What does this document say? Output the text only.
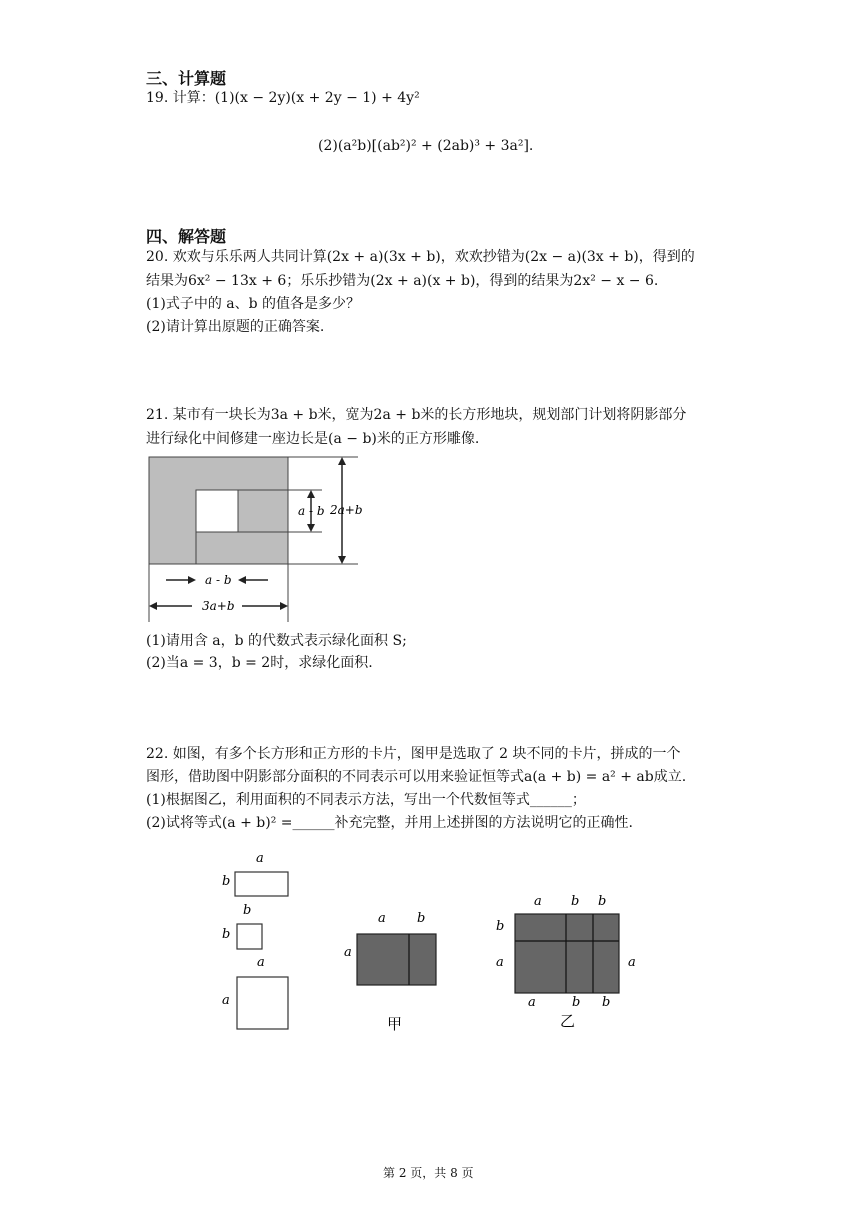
三、计算题
19. 计算：(1)(x − 2y)(x + 2y − 1) + 4y²
(2)(a²b)[(ab²)² + (2ab)³ + 3a²].
四、解答题
20. 欢欢与乐乐两人共同计算(2x + a)(3x + b)，欢欢抄错为(2x − a)(3x + b)，得到的
结果为6x² − 13x + 6；乐乐抄错为(2x + a)(x + b)，得到的结果为2x² − x − 6.
(1)式子中的 a、b 的值各是多少？
(2)请计算出原题的正确答案.
21. 某市有一块长为3a + b米，宽为2a + b米的长方形地块，规划部门计划将阴影部分
进行绿化中间修建一座边长是(a − b)米的正方形雕像.
a - b 2a+b
a - b
3a+b
(1)请用含 a，b 的代数式表示绿化面积 S;
(2)当a = 3，b = 2时，求绿化面积.
22. 如图，有多个长方形和正方形的卡片，图甲是选取了 2 块不同的卡片，拼成的一个
图形，借助图中阴影部分面积的不同表示可以用来验证恒等式a(a + b) = a² + ab成立.
(1)根据图乙，利用面积的不同表示方法，写出一个代数恒等式______；
(2)试将等式(a + b)² =______补充完整，并用上述拼图的方法说明它的正确性.
a
b
b
b
a
a
a b
a
a b b
b
a	a
a	b b
甲	乙
第 2 页，共 8 页
